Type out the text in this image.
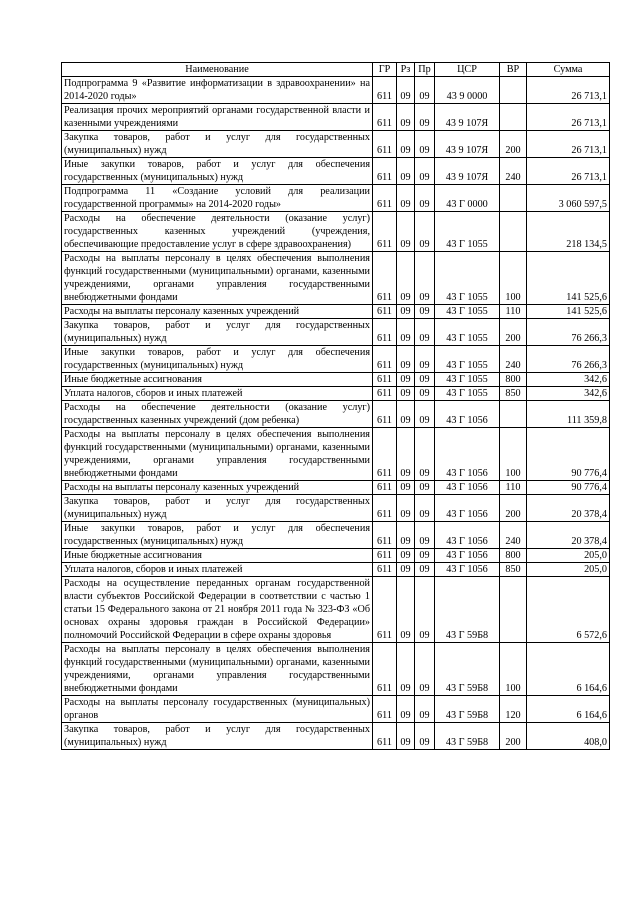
Наименование	ГР	Рз	Пр	ЦСР	ВР	Сумма
Подпрограмма 9 «Развитие информатизации в здравоохранении» на 2014-2020 годы»	611	09	09	43 9 0000		26 713,1
Реализация прочих мероприятий органами государственной власти и казенными учреждениями	611	09	09	43 9 107Я		26 713,1
Закупка товаров, работ и услуг для государственных (муниципальных) нужд	611	09	09	43 9 107Я	200	26 713,1
Иные закупки товаров, работ и услуг для обеспечения государственных (муниципальных) нужд	611	09	09	43 9 107Я	240	26 713,1
Подпрограмма 11 «Создание условий для реализации государственной программы» на 2014-2020 годы»	611	09	09	43 Г 0000		3 060 597,5
Расходы на обеспечение деятельности (оказание услуг) государственных казенных учреждений (учреждения, обеспечивающие предоставление услуг в сфере здравоохранения)	611	09	09	43 Г 1055		218 134,5
Расходы на выплаты персоналу в целях обеспечения выполнения функций государственными (муниципальными) органами, казенными учреждениями, органами управления государственными внебюджетными фондами	611	09	09	43 Г 1055	100	141 525,6
Расходы на выплаты персоналу казенных учреждений	611	09	09	43 Г 1055	110	141 525,6
Закупка товаров, работ и услуг для государственных (муниципальных) нужд	611	09	09	43 Г 1055	200	76 266,3
Иные закупки товаров, работ и услуг для обеспечения государственных (муниципальных) нужд	611	09	09	43 Г 1055	240	76 266,3
Иные бюджетные ассигнования	611	09	09	43 Г 1055	800	342,6
Уплата налогов, сборов и иных платежей	611	09	09	43 Г 1055	850	342,6
Расходы на обеспечение деятельности (оказание услуг) государственных казенных учреждений (дом ребенка)	611	09	09	43 Г 1056		111 359,8
Расходы на выплаты персоналу в целях обеспечения выполнения функций государственными (муниципальными) органами, казенными учреждениями, органами управления государственными внебюджетными фондами	611	09	09	43 Г 1056	100	90 776,4
Расходы на выплаты персоналу казенных учреждений	611	09	09	43 Г 1056	110	90 776,4
Закупка товаров, работ и услуг для государственных (муниципальных) нужд	611	09	09	43 Г 1056	200	20 378,4
Иные закупки товаров, работ и услуг для обеспечения государственных (муниципальных) нужд	611	09	09	43 Г 1056	240	20 378,4
Иные бюджетные ассигнования	611	09	09	43 Г 1056	800	205,0
Уплата налогов, сборов и иных платежей	611	09	09	43 Г 1056	850	205,0
Расходы на осуществление переданных органам государственной власти субъектов Российской Федерации в соответствии с частью 1 статьи 15 Федерального закона от 21 ноября 2011 года № 323-ФЗ «Об основах охраны здоровья граждан в Российской Федерации» полномочий Российской Федерации в сфере охраны здоровья	611	09	09	43 Г 59Б8		6 572,6
Расходы на выплаты персоналу в целях обеспечения выполнения функций государственными (муниципальными) органами, казенными учреждениями, органами управления государственными внебюджетными фондами	611	09	09	43 Г 59Б8	100	6 164,6
Расходы на выплаты персоналу государственных (муниципальных) органов	611	09	09	43 Г 59Б8	120	6 164,6
Закупка товаров, работ и услуг для государственных (муниципальных) нужд	611	09	09	43 Г 59Б8	200	408,0
